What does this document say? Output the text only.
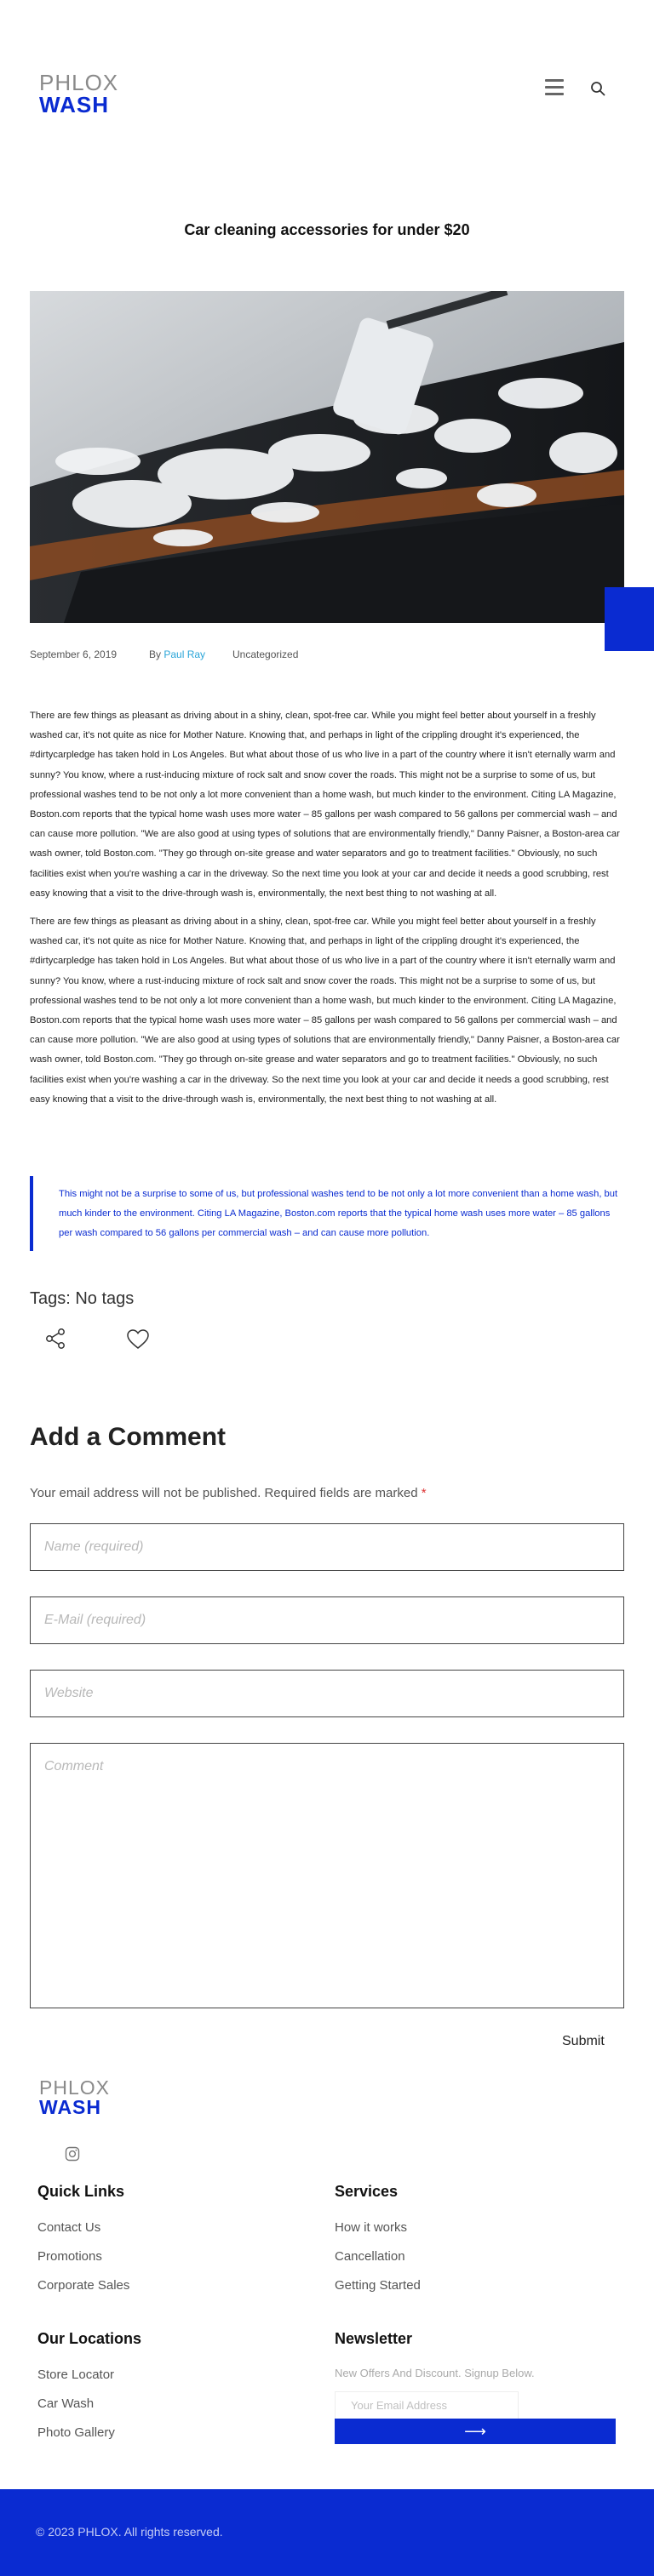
PHLOX
WASH
Car cleaning accessories for under $20
September 6, 2019	By Paul Ray	Uncategorized

There are few things as pleasant as driving about in a shiny, clean, spot-free car. While you might feel better about yourself in a freshly washed car, it's not quite as nice for Mother Nature. Knowing that, and perhaps in light of the crippling drought it's experienced, the #dirtycarpledge has taken hold in Los Angeles. But what about those of us who live in a part of the country where it isn't eternally warm and sunny? You know, where a rust-inducing mixture of rock salt and snow cover the roads. This might not be a surprise to some of us, but professional washes tend to be not only a lot more convenient than a home wash, but much kinder to the environment. Citing LA Magazine, Boston.com reports that the typical home wash uses more water – 85 gallons per wash compared to 56 gallons per commercial wash – and can cause more pollution. "We are also good at using types of solutions that are environmentally friendly," Danny Paisner, a Boston-area car wash owner, told Boston.com. "They go through on-site grease and water separators and go to treatment facilities." Obviously, no such facilities exist when you're washing a car in the driveway. So the next time you look at your car and decide it needs a good scrubbing, rest easy knowing that a visit to the drive-through wash is, environmentally, the next best thing to not washing at all.

There are few things as pleasant as driving about in a shiny, clean, spot-free car. While you might feel better about yourself in a freshly washed car, it's not quite as nice for Mother Nature. Knowing that, and perhaps in light of the crippling drought it's experienced, the #dirtycarpledge has taken hold in Los Angeles. But what about those of us who live in a part of the country where it isn't eternally warm and sunny? You know, where a rust-inducing mixture of rock salt and snow cover the roads. This might not be a surprise to some of us, but professional washes tend to be not only a lot more convenient than a home wash, but much kinder to the environment. Citing LA Magazine, Boston.com reports that the typical home wash uses more water – 85 gallons per wash compared to 56 gallons per commercial wash – and can cause more pollution. "We are also good at using types of solutions that are environmentally friendly," Danny Paisner, a Boston-area car wash owner, told Boston.com. "They go through on-site grease and water separators and go to treatment facilities." Obviously, no such facilities exist when you're washing a car in the driveway. So the next time you look at your car and decide it needs a good scrubbing, rest easy knowing that a visit to the drive-through wash is, environmentally, the next best thing to not washing at all.

This might not be a surprise to some of us, but professional washes tend to be not only a lot more convenient than a home wash, but much kinder to the environment. Citing LA Magazine, Boston.com reports that the typical home wash uses more water – 85 gallons per wash compared to 56 gallons per commercial wash – and can cause more pollution.
Tags: No tags
Add a Comment
Your email address will not be published. Required fields are marked *
Name (required)
E-Mail (required)
Website
Comment
Submit
PHLOX
WASH
Quick Links
Contact Us
Promotions
Corporate Sales
Services
How it works
Cancellation
Getting Started
Our Locations
Store Locator
Car Wash
Photo Gallery
Newsletter
New Offers And Discount. Signup Below.
Your Email Address
⟶
© 2023 PHLOX. All rights reserved.
